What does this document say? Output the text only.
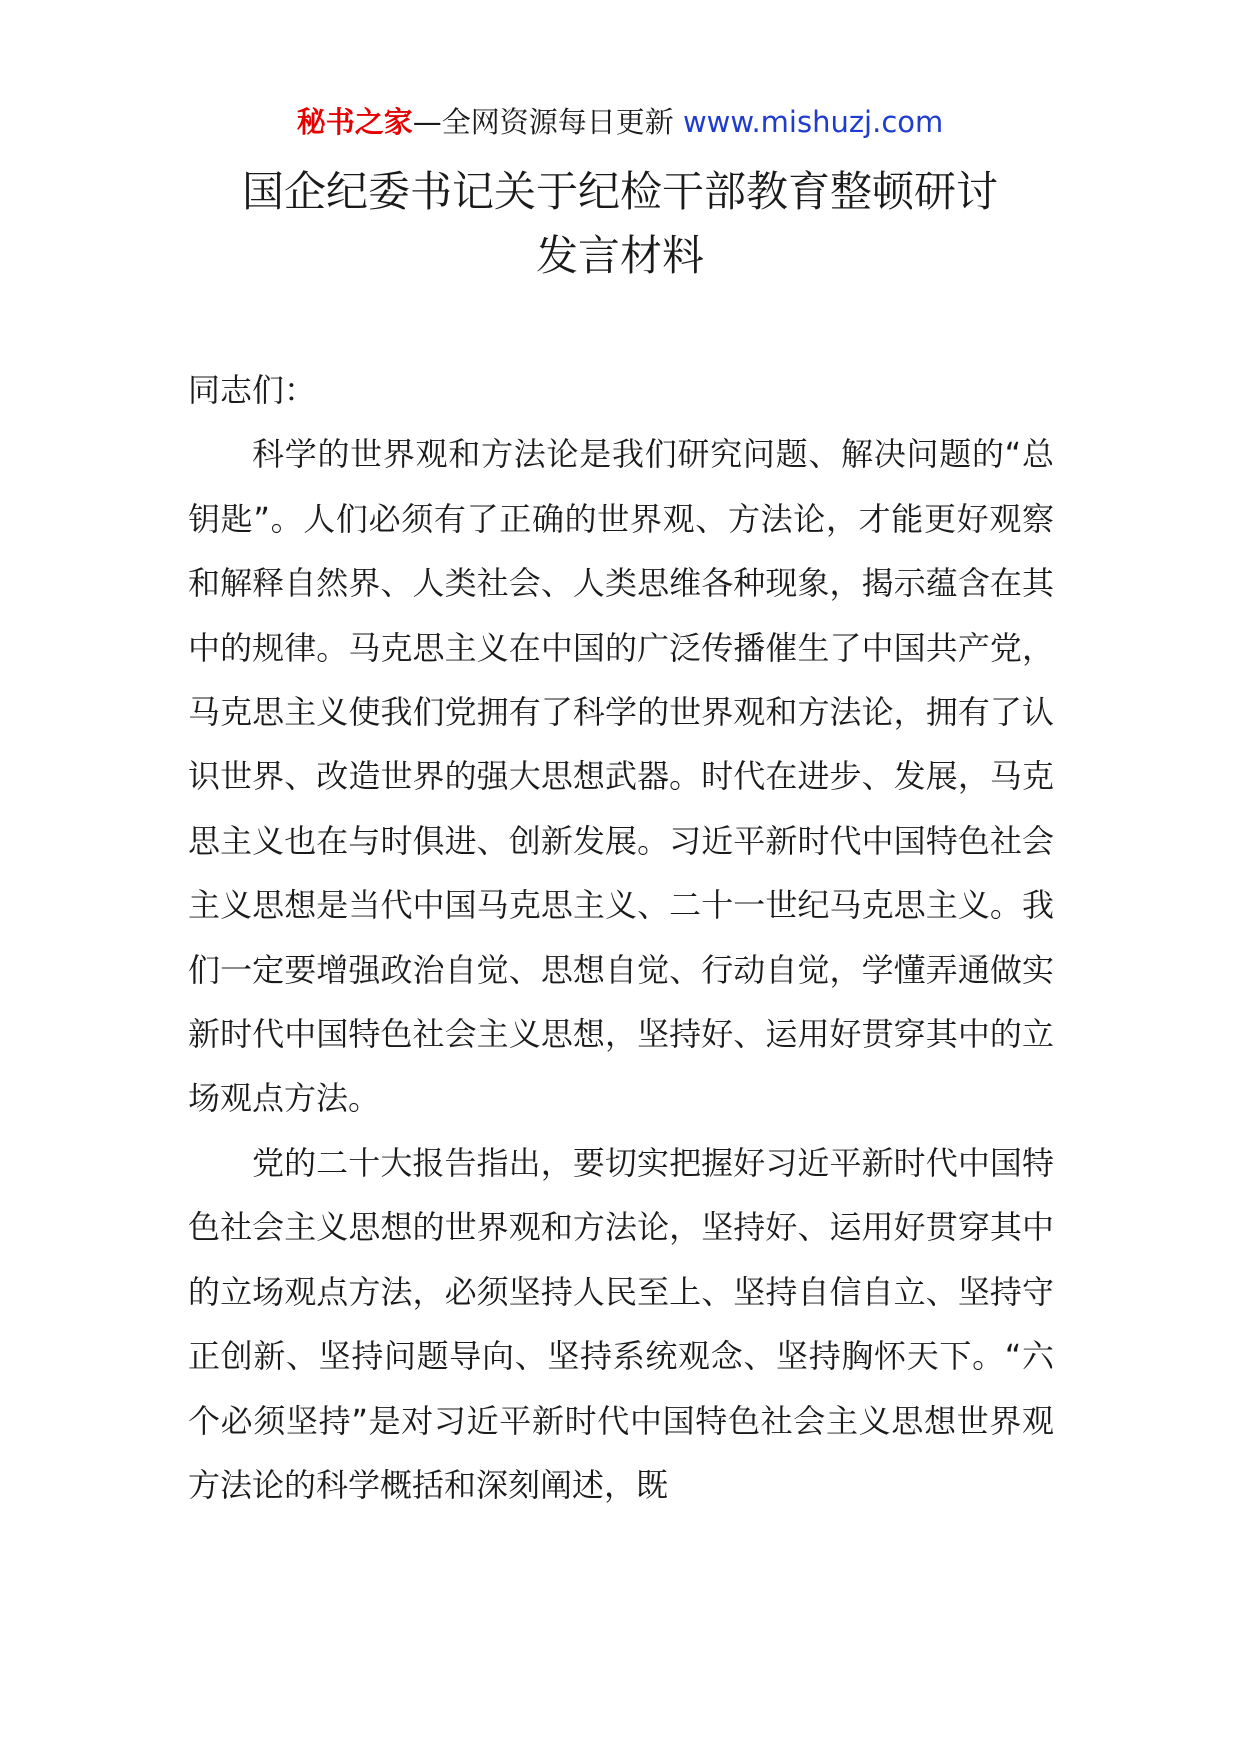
秘书之家—全网资源每日更新 www.mishuzj.com
国企纪委书记关于纪检干部教育整顿研讨
发言材料

同志们：

科学的世界观和方法论是我们研究问题、解决问题的“总钥匙”。人们必须有了正确的世界观、方法论，才能更好观察和解释自然界、人类社会、人类思维各种现象，揭示蕴含在其中的规律。马克思主义在中国的广泛传播催生了中国共产党，马克思主义使我们党拥有了科学的世界观和方法论，拥有了认识世界、改造世界的强大思想武器。时代在进步、发展，马克思主义也在与时俱进、创新发展。习近平新时代中国特色社会主义思想是当代中国马克思主义、二十一世纪马克思主义。我们一定要增强政治自觉、思想自觉、行动自觉，学懂弄通做实新时代中国特色社会主义思想，坚持好、运用好贯穿其中的立场观点方法。

党的二十大报告指出，要切实把握好习近平新时代中国特色社会主义思想的世界观和方法论，坚持好、运用好贯穿其中的立场观点方法，必须坚持人民至上、坚持自信自立、坚持守正创新、坚持问题导向、坚持系统观念、坚持胸怀天下。“六个必须坚持”是对习近平新时代中国特色社会主义思想世界观方法论的科学概括和深刻阐述，既
